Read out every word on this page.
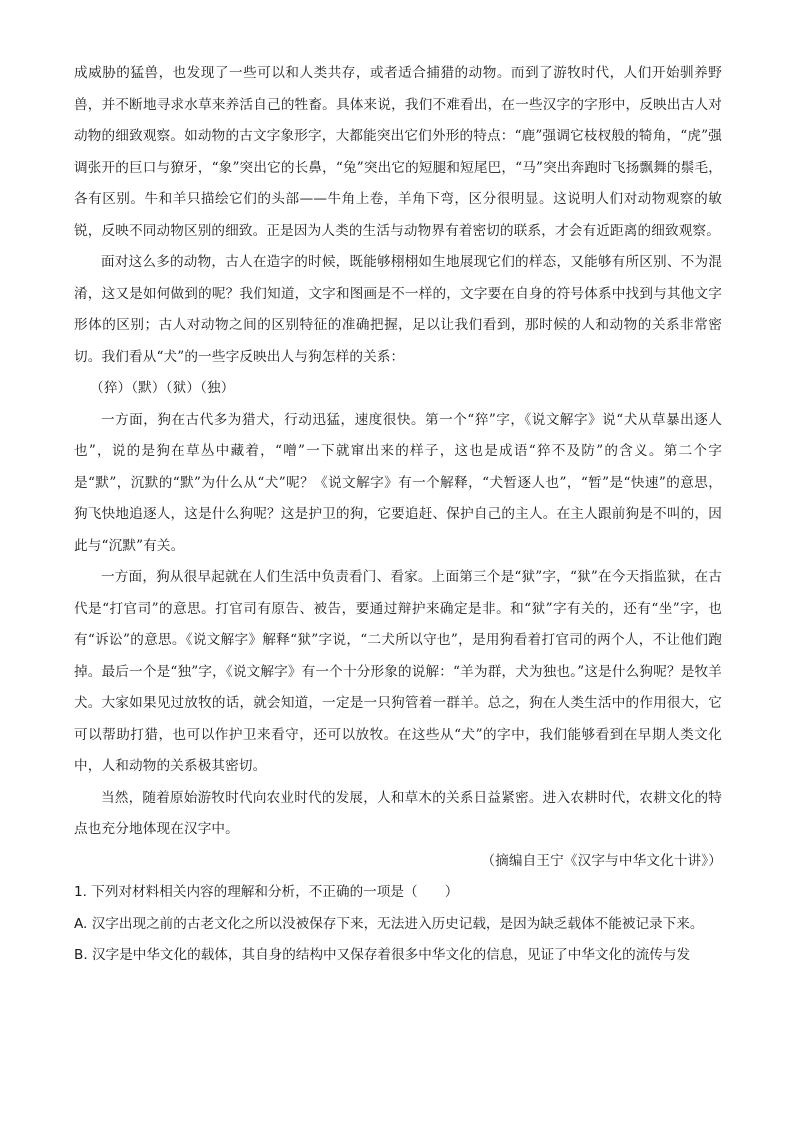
成威胁的猛兽，也发现了一些可以和人类共存，或者适合捕猎的动物。而到了游牧时代，人们开始驯养野兽，并不断地寻求水草来养活自己的牲畜。具体来说，我们不难看出，在一些汉字的字形中，反映出古人对动物的细致观察。如动物的古文字象形字，大都能突出它们外形的特点：“鹿”强调它枝杈般的犄角，“虎”强调张开的巨口与獠牙，“象”突出它的长鼻，“兔”突出它的短腿和短尾巴，“马”突出奔跑时飞扬飘舞的鬃毛，各有区别。牛和羊只描绘它们的头部——牛角上卷，羊角下弯，区分很明显。这说明人们对动物观察的敏锐，反映不同动物区别的细致。正是因为人类的生活与动物界有着密切的联系，才会有近距离的细致观察。

面对这么多的动物，古人在造字的时候，既能够栩栩如生地展现它们的样态，又能够有所区别、不为混淆，这又是如何做到的呢？我们知道，文字和图画是不一样的，文字要在自身的符号体系中找到与其他文字形体的区别；古人对动物之间的区别特征的准确把握，足以让我们看到，那时候的人和动物的关系非常密切。我们看从“犬”的一些字反映出人与狗怎样的关系：

（猝）（默）（狱）（独）

一方面，狗在古代多为猎犬，行动迅猛，速度很快。第一个“猝”字，《说文解字》说“犬从草暴出逐人也”，说的是狗在草丛中藏着，“噌”一下就窜出来的样子，这也是成语“猝不及防”的含义。第二个字是“默”，沉默的“默”为什么从“犬”呢？《说文解字》有一个解释，“犬暂逐人也”，“暂”是“快速”的意思，狗飞快地追逐人，这是什么狗呢？这是护卫的狗，它要追赶、保护自己的主人。在主人跟前狗是不叫的，因此与“沉默”有关。

一方面，狗从很早起就在人们生活中负责看门、看家。上面第三个是“狱”字，“狱”在今天指监狱，在古代是“打官司”的意思。打官司有原告、被告，要通过辩护来确定是非。和“狱”字有关的，还有“坐”字，也有“诉讼”的意思。《说文解字》解释“狱”字说，“二犬所以守也”，是用狗看着打官司的两个人，不让他们跑掉。最后一个是“独”字，《说文解字》有一个十分形象的说解：“羊为群，犬为独也。”这是什么狗呢？是牧羊犬。大家如果见过放牧的话，就会知道，一定是一只狗管着一群羊。总之，狗在人类生活中的作用很大，它可以帮助打猎，也可以作护卫来看守，还可以放牧。在这些从“犬”的字中，我们能够看到在早期人类文化中，人和动物的关系极其密切。

当然，随着原始游牧时代向农业时代的发展，人和草木的关系日益紧密。进入农耕时代，农耕文化的特点也充分地体现在汉字中。

（摘编自王宁《汉字与中华文化十讲》）

1. 下列对材料相关内容的理解和分析，不正确的一项是（　　）

A. 汉字出现之前的古老文化之所以没被保存下来，无法进入历史记载，是因为缺乏载体不能被记录下来。

B. 汉字是中华文化的载体，其自身的结构中又保存着很多中华文化的信息，见证了中华文化的流传与发
